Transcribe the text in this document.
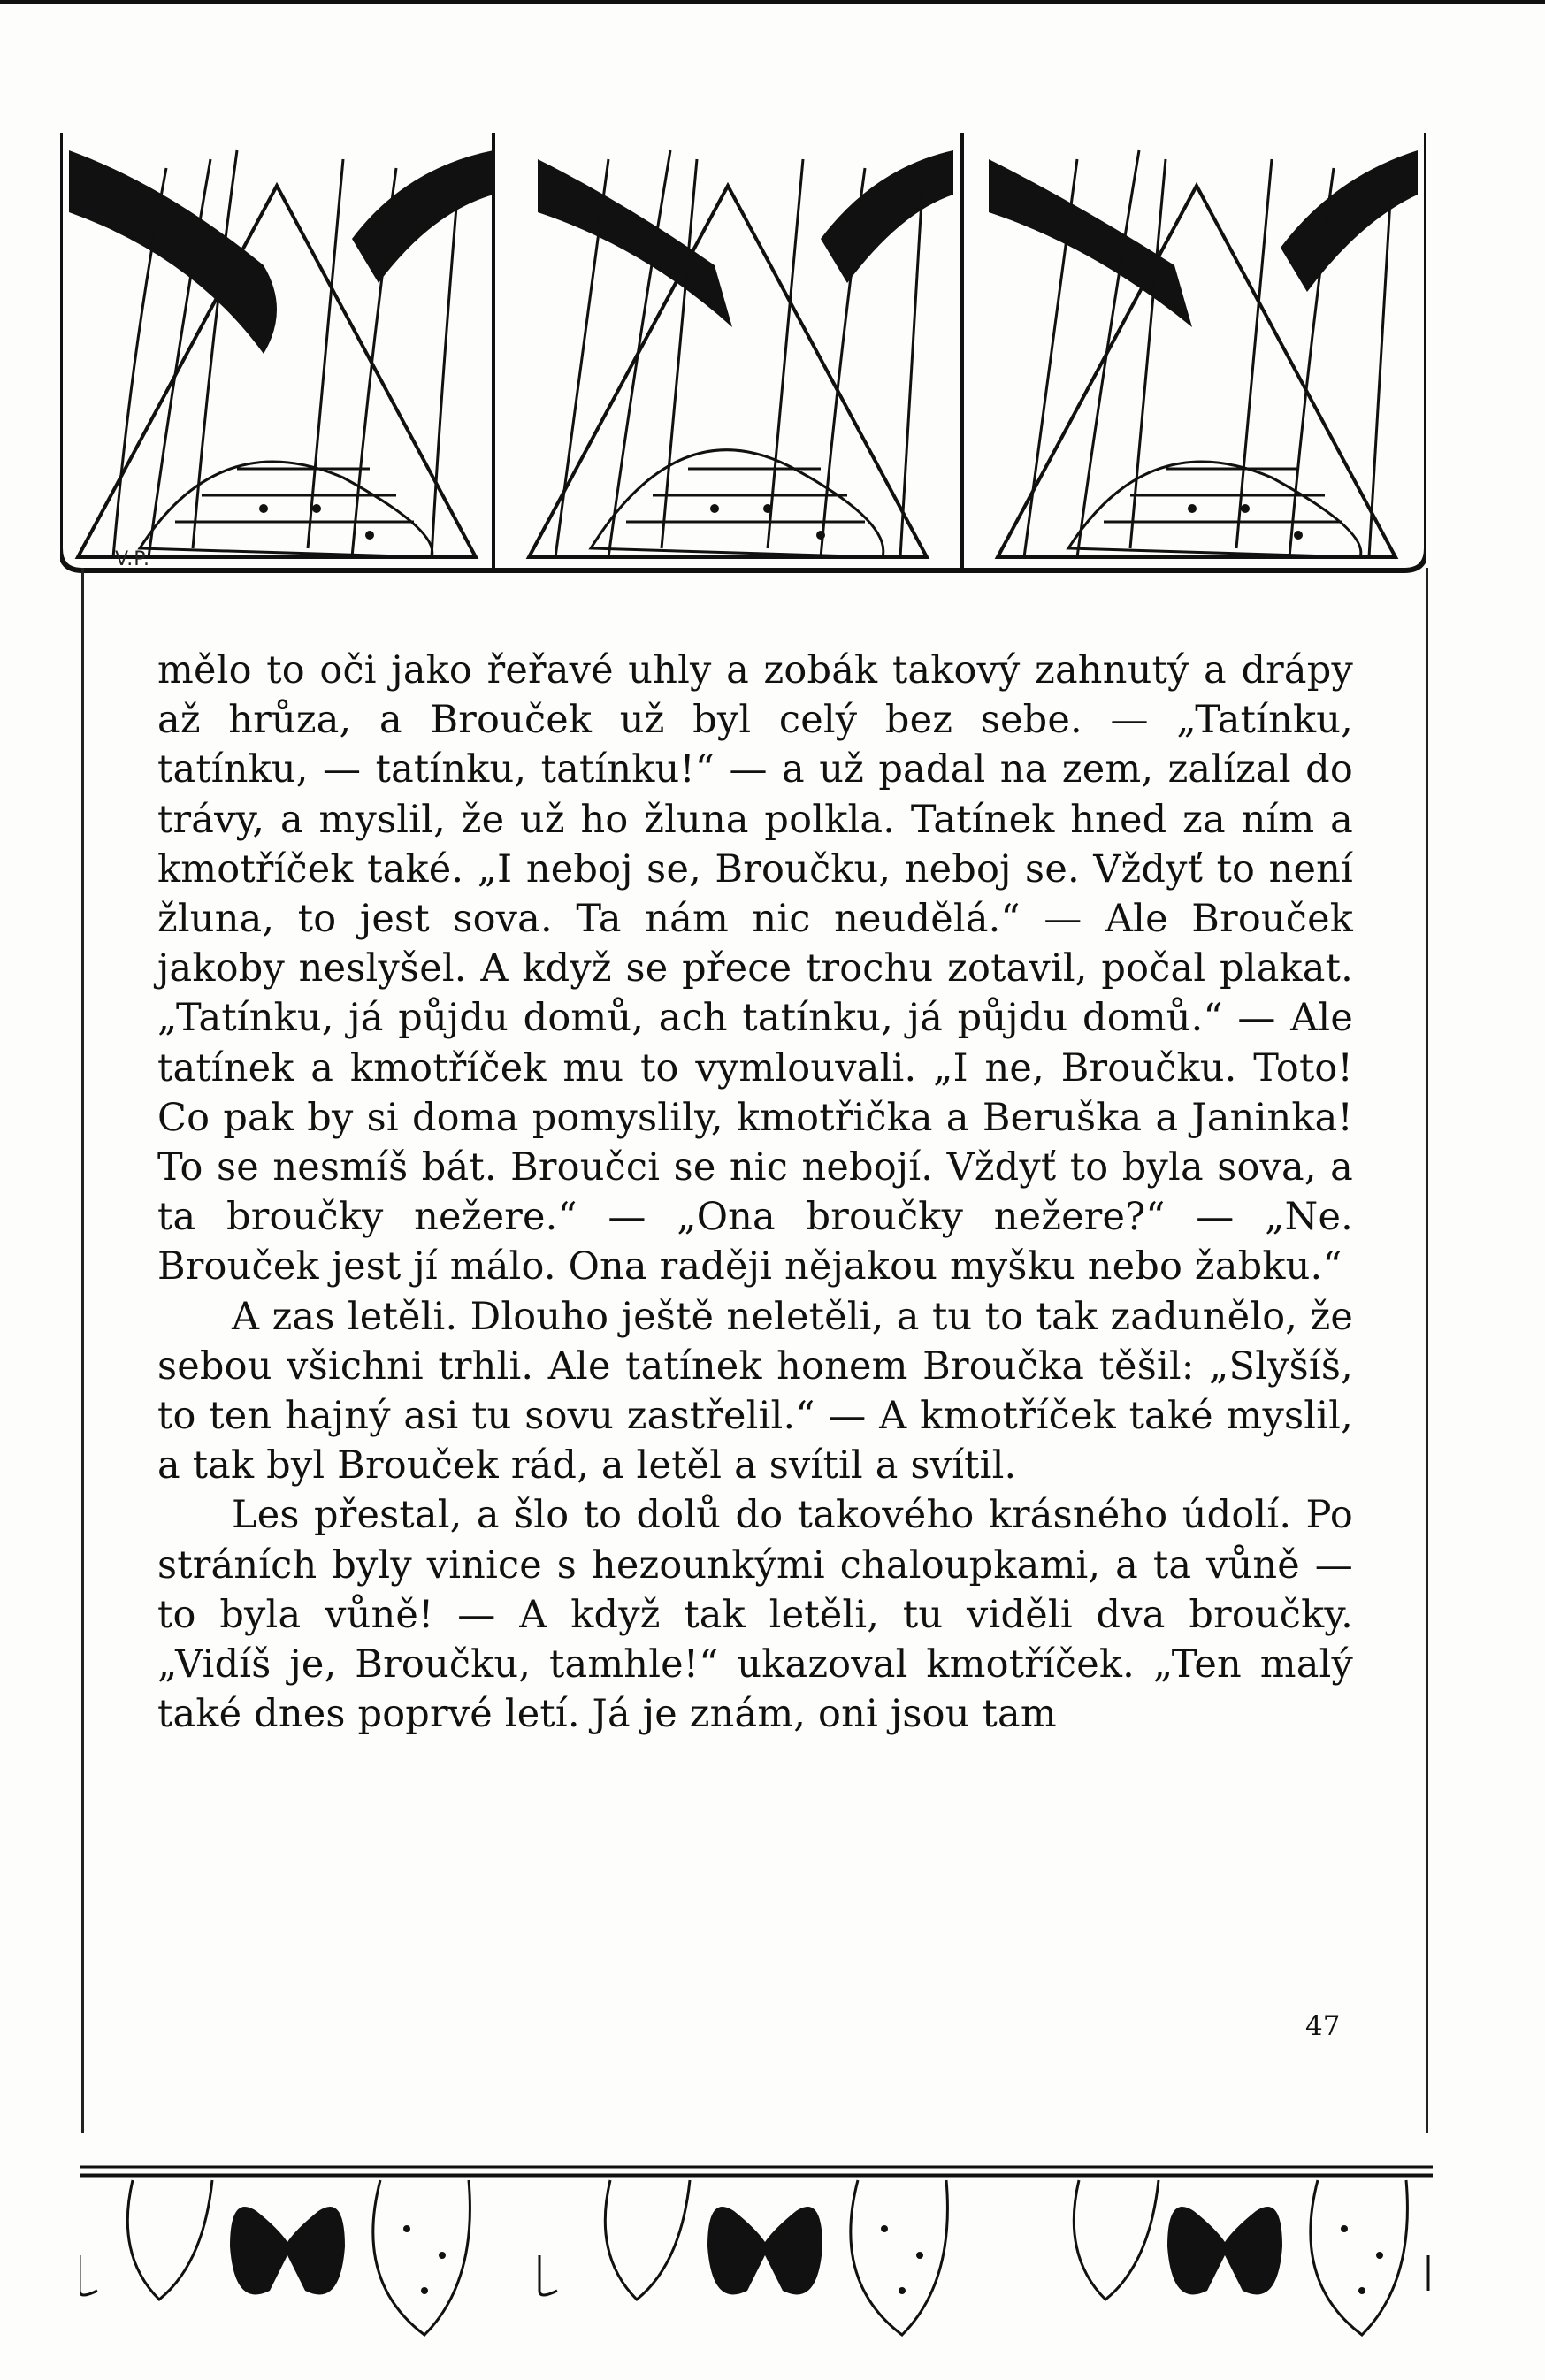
V.P.

mělo to oči jako řeřavé uhly a zobák takový zahnutý a drápy až hrůza, a Brouček už byl celý bez sebe. — „Tatínku, tatínku, — tatínku, tatínku!“ — a už padal na zem, zalízal do trávy, a myslil, že už ho žluna polkla. Tatínek hned za ním a kmotříček také. „I neboj se, Broučku, neboj se. Vždyť to není žluna, to jest sova. Ta nám nic neudělá.“ — Ale Brouček jakoby neslyšel. A když se přece trochu zotavil, počal plakat. „Tatínku, já půjdu domů, ach tatínku, já půjdu domů.“ — Ale tatínek a kmotříček mu to vymlouvali. „I ne, Broučku. Toto! Co pak by si doma pomyslily, kmotřička a Beruška a Janinka! To se nesmíš bát. Broučci se nic nebojí. Vždyť to byla sova, a ta broučky nežere.“ — „Ona broučky nežere?“ — „Ne. Brouček jest jí málo. Ona raději nějakou myšku nebo žabku.“

A zas letěli. Dlouho ještě neletěli, a tu to tak zadunělo, že sebou všichni trhli. Ale tatínek honem Broučka těšil: „Slyšíš, to ten hajný asi tu sovu zastřelil.“ — A kmotříček také myslil, a tak byl Brouček rád, a letěl a svítil a svítil.

Les přestal, a šlo to dolů do takového krásného údolí. Po stráních byly vinice s hezounkými chaloupkami, a ta vůně — to byla vůně! — A když tak letěli, tu viděli dva broučky. „Vidíš je, Broučku, tamhle!“ ukazoval kmotříček. „Ten malý také dnes poprvé letí. Já je znám, oni jsou tam

47
